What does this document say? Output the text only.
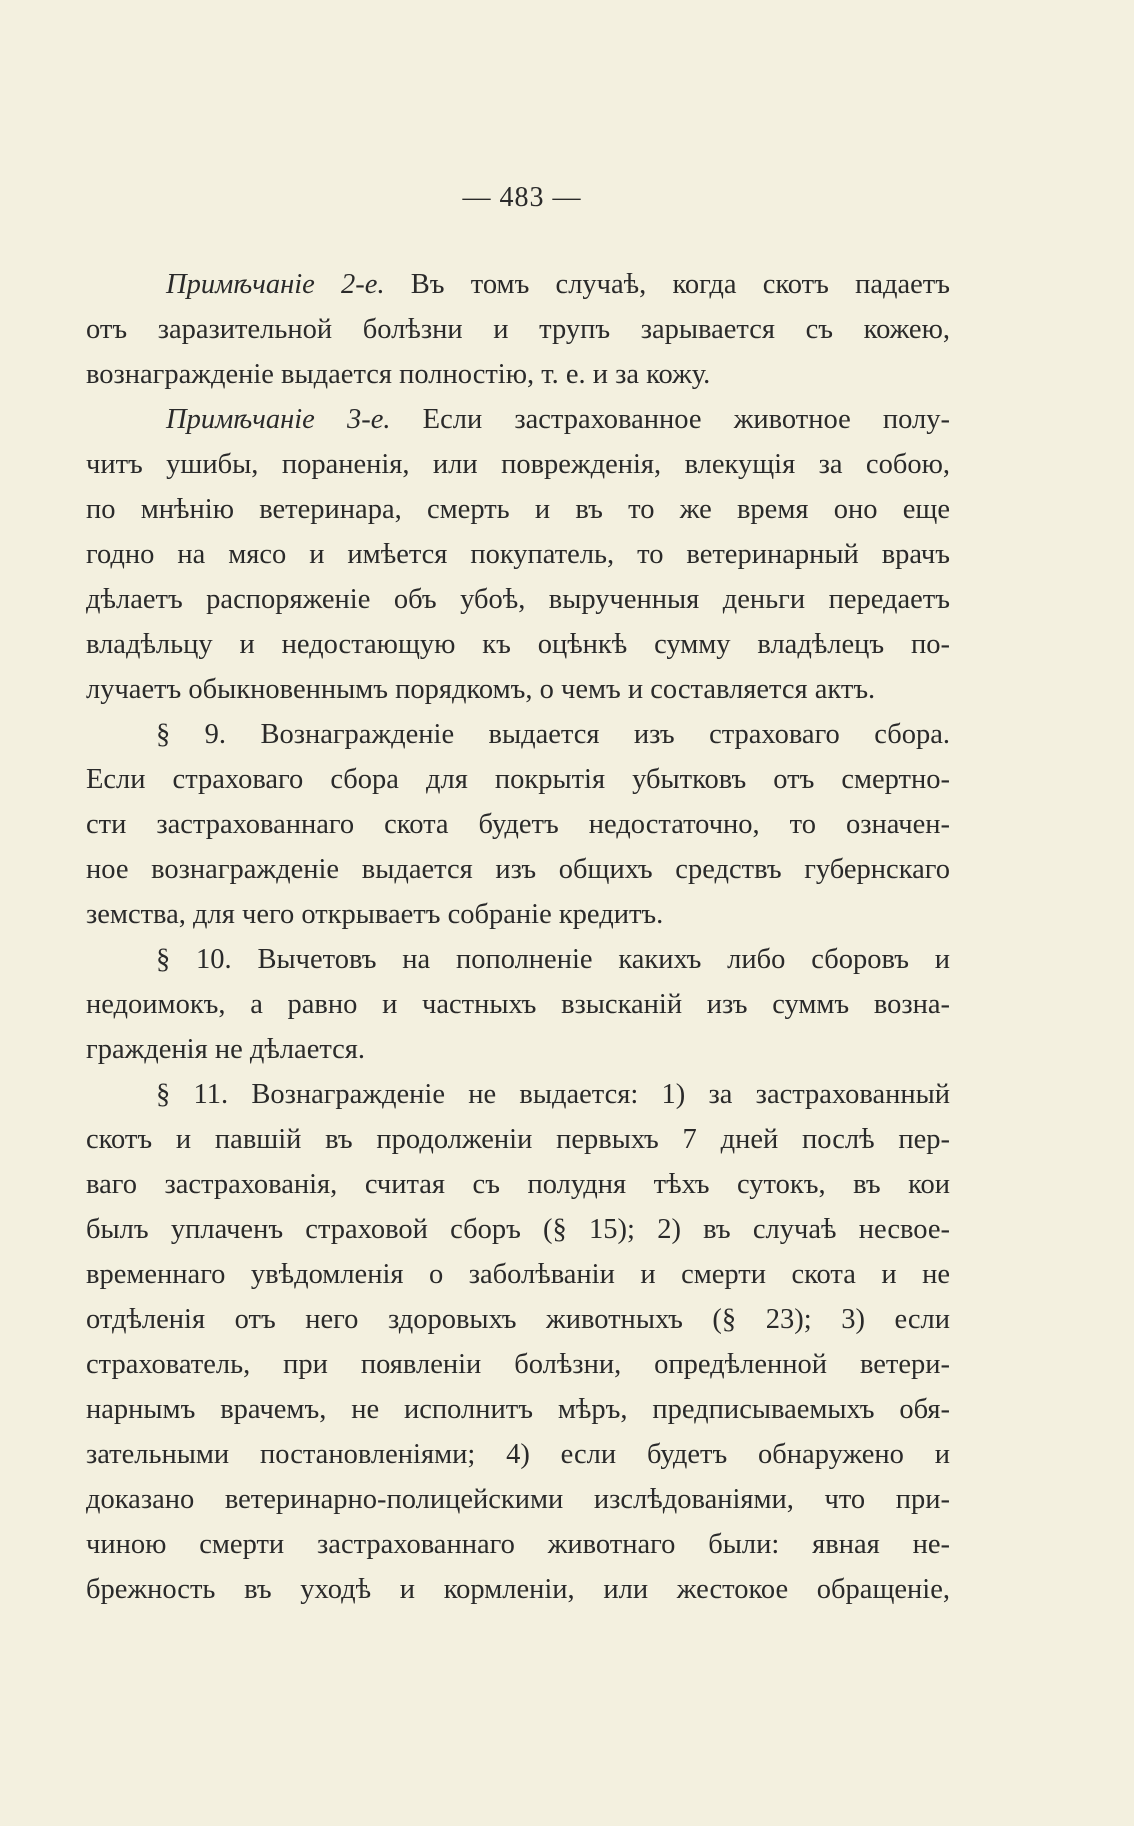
— 483 —
Примѣчаніе 2-е. Въ томъ случаѣ, когда скотъ падаетъ
отъ заразительной болѣзни и трупъ зарывается съ кожею,
вознагражденіе выдается полностію, т. е. и за кожу.
Примѣчаніе 3-е. Если застрахованное животное полу-
читъ ушибы, пораненія, или поврежденія, влекущія за собою,
по мнѣнію ветеринара, смерть и въ то же время оно еще
годно на мясо и имѣется покупатель, то ветеринарный врачъ
дѣлаетъ распоряженіе объ убоѣ, вырученныя деньги передаетъ
владѣльцу и недостающую къ оцѣнкѣ сумму владѣлецъ по-
лучаетъ обыкновеннымъ порядкомъ, о чемъ и составляется актъ.
§ 9. Вознагражденіе выдается изъ страховаго сбора.
Если страховаго сбора для покрытія убытковъ отъ смертно-
сти застрахованнаго скота будетъ недостаточно, то означен-
ное вознагражденіе выдается изъ общихъ средствъ губернскаго
земства, для чего открываетъ собраніе кредитъ.
§ 10. Вычетовъ на пополненіе какихъ либо сборовъ и
недоимокъ, а равно и частныхъ взысканій изъ суммъ возна-
гражденія не дѣлается.
§ 11. Вознагражденіе не выдается: 1) за застрахованный
скотъ и павшій въ продолженіи первыхъ 7 дней послѣ пер-
ваго застрахованія, считая съ полудня тѣхъ сутокъ, въ кои
былъ уплаченъ страховой сборъ (§ 15); 2) въ случаѣ несвое-
временнаго увѣдомленія о заболѣваніи и смерти скота и не
отдѣленія отъ него здоровыхъ животныхъ (§ 23); 3) если
страхователь, при появленіи болѣзни, опредѣленной ветери-
нарнымъ врачемъ, не исполнитъ мѣръ, предписываемыхъ обя-
зательными постановленіями; 4) если будетъ обнаружено и
доказано ветеринарно-полицейскими изслѣдованіями, что при-
чиною смерти застрахованнаго животнаго были: явная не-
брежность въ уходѣ и кормленіи, или жестокое обращеніе,
